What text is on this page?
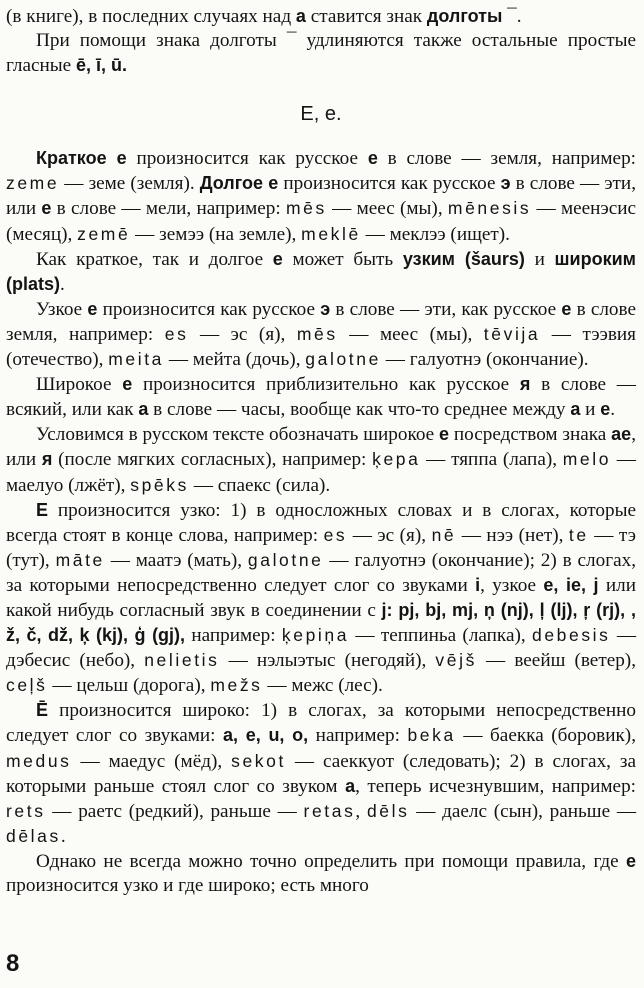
(в книге), в последних случаях над a ставится знак долготы ¯.

При помощи знака долготы ¯ удлиняются также остальные простые гласные ē, ī, ū.

E, e.

Краткое e произносится как русское е в слове — земля, например: zeme — земе (земля). Долгое e произносится как русское э в слове — эти, или е в слове — мели, например: mēs — меес (мы), mēnesis — меенэсис (месяц), zemē — земээ (на земле), meklē — меклээ (ищет).

Как краткое, так и долгое e может быть узким (šaurs) и широким (plats).

Узкое e произносится как русское э в слове — эти, как русское е в слове земля, например: es — эс (я), mēs — меес (мы), tēvija — тээвия (отечество), meita — мейта (дочь), galotne — галуотнэ (окончание).

Широкое e произносится приблизительно как русское я в слове — всякий, или как а в слове — часы, вообще как что-то среднее между а и е.

Условимся в русском тексте обозначать широкое e посредством знака ae, или я (после мягких согласных), например: ķepa — тяппа (лапа), melo — маелуо (лжёт), spēks — спаекс (сила).

E произносится узко: 1) в односложных словах и в слогах, которые всегда стоят в конце слова, например: es — эс (я), nē — нээ (нет), te — тэ (тут), māte — маатэ (мать), galotne — галуотнэ (окончание); 2) в слогах, за которыми непосредственно следует слог со звуками i, узкое e, ie, j или какой нибудь согласный звук в соединении с j: pj, bj, mj, ņ (nj), ļ (lj), ŗ (rj), , ž, č, dž, ķ (kj), ģ (gj), например: ķepiņa — теппиньа (лапка), debesis — дэбесис (небо), nelietis — нэлыэтыс (негодяй), vējš — веейш (ветер), ceļš — цельш (дорога), mežs — межс (лес).

Ē произносится широко: 1) в слогах, за которыми непосредственно следует слог со звуками: a, e, u, o, например: beka — баекка (боровик), medus — маедус (мёд), sekot — саеккуот (следовать); 2) в слогах, за которыми раньше стоял слог со звуком a, теперь исчезнувшим, например: rets — раетс (редкий), раньше — retas, dēls — даелс (сын), раньше — dēlas.

Однако не всегда можно точно определить при помощи правила, где e произносится узко и где широко; есть много

8
